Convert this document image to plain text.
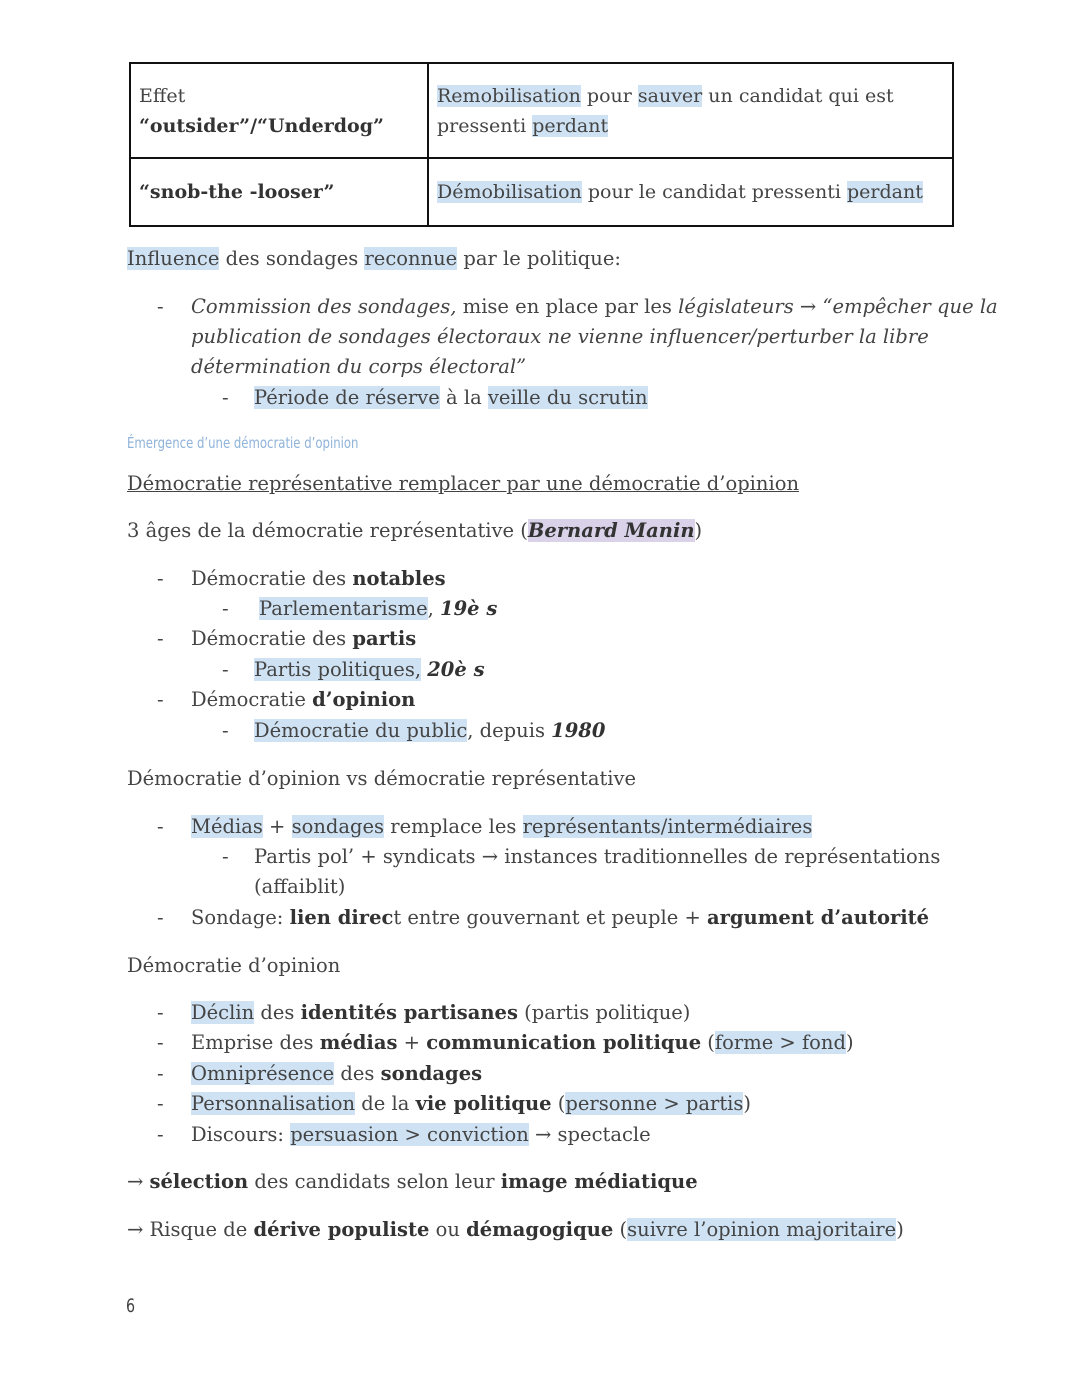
Effet “outsider”/“Underdog”	Remobilisation pour sauver un candidat qui est
pressenti perdant
“snob-the -looser”	Démobilisation pour le candidat pressenti perdant
Influence des sondages reconnue par le politique:
- Commission des sondages, mise en place par les législateurs → “empêcher que la
publication de sondages électoraux ne vienne influencer/perturber la libre
détermination du corps électoral”
- Période de réserve à la veille du scrutin
Émergence d’une démocratie d’opinion
Démocratie représentative remplacer par une démocratie d’opinion
3 âges de la démocratie représentative (Bernard Manin)
- Démocratie des notables
- Parlementarisme, 19è s
- Démocratie des partis
- Partis politiques, 20è s
- Démocratie d’opinion
- Démocratie du public, depuis 1980
Démocratie d’opinion vs démocratie représentative
- Médias + sondages remplace les représentants/intermédiaires
- Partis pol’ + syndicats → instances traditionnelles de représentations
(affaiblit)
- Sondage: lien direct entre gouvernant et peuple + argument d’autorité
Démocratie d’opinion
- Déclin des identités partisanes (partis politique)
- Emprise des médias + communication politique (forme > fond)
- Omniprésence des sondages
- Personnalisation de la vie politique (personne > partis)
- Discours: persuasion > conviction → spectacle
→ sélection des candidats selon leur image médiatique
→ Risque de dérive populiste ou démagogique (suivre l’opinion majoritaire)
6
